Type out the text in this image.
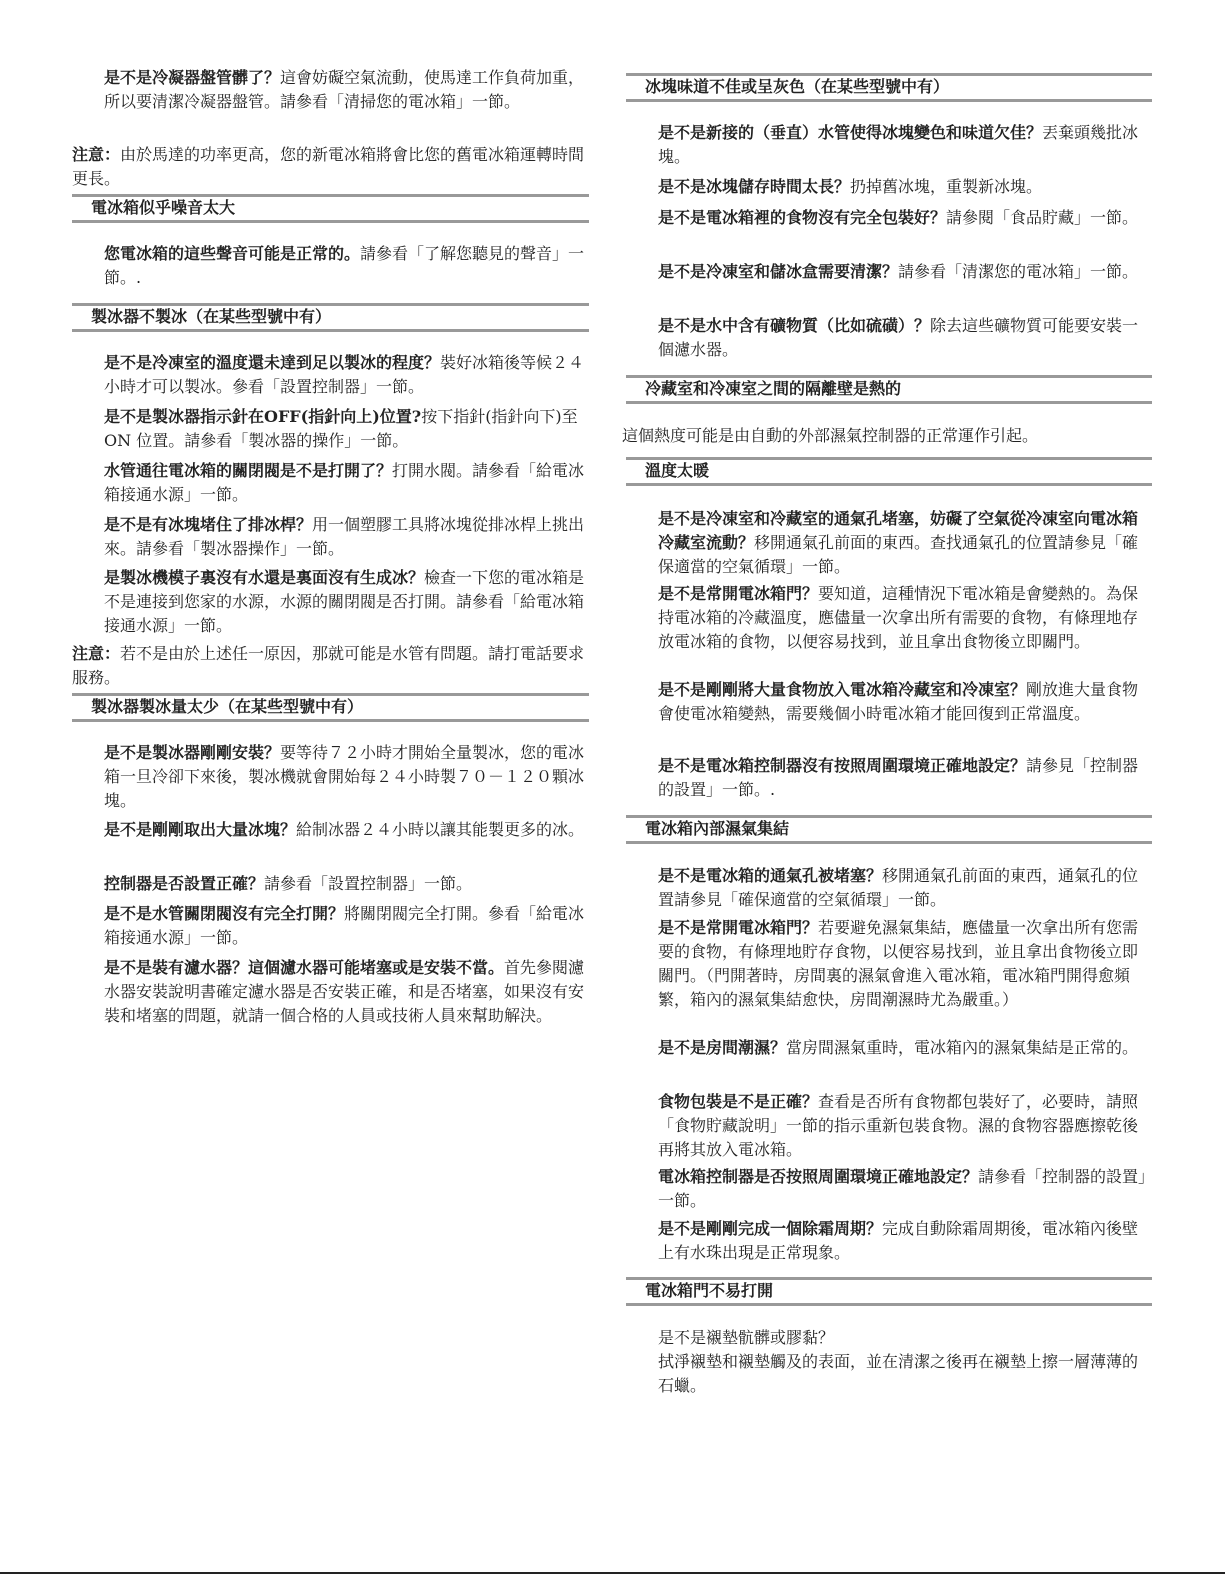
是不是冷凝器盤管髒了？這會妨礙空氣流動，使馬達工作負荷加重，所以要清潔冷凝器盤管。請參看「清掃您的電冰箱」一節。
注意：由於馬達的功率更高，您的新電冰箱將會比您的舊電冰箱運轉時間更長。
電冰箱似乎噪音太大
您電冰箱的這些聲音可能是正常的。請參看「了解您聽見的聲音」一節。.
製冰器不製冰（在某些型號中有）
是不是冷凍室的溫度還未達到足以製冰的程度？裝好冰箱後等候２４小時才可以製冰。參看「設置控制器」一節。
是不是製冰器指示針在OFF(指針向上)位置?按下指針(指針向下)至 ON 位置。請參看「製冰器的操作」一節。
水管通往電冰箱的關閉閥是不是打開了？打開水閥。請參看「給電冰箱接通水源」一節。
是不是有冰塊堵住了排冰桿？用一個塑膠工具將冰塊從排冰桿上挑出來。請參看「製冰器操作」一節。
是製冰機模子裏沒有水還是裏面沒有生成冰？檢查一下您的電冰箱是不是連接到您家的水源，水源的關閉閥是否打開。請參看「給電冰箱接通水源」一節。
注意：若不是由於上述任一原因，那就可能是水管有問題。請打電話要求服務。
製冰器製冰量太少（在某些型號中有）
是不是製冰器剛剛安裝？要等待７２小時才開始全量製冰，您的電冰箱一旦冷卻下來後，製冰機就會開始每２４小時製７０－１２０顆冰塊。
是不是剛剛取出大量冰塊？給制冰器２４小時以讓其能製更多的冰。
控制器是否設置正確？請參看「設置控制器」一節。
是不是水管關閉閥沒有完全打開？將關閉閥完全打開。參看「給電冰箱接通水源」一節。
是不是裝有濾水器？這個濾水器可能堵塞或是安裝不當。首先參閱濾水器安裝說明書確定濾水器是否安裝正確，和是否堵塞，如果沒有安裝和堵塞的問題，就請一個合格的人員或技術人員來幫助解決。
冰塊味道不佳或呈灰色（在某些型號中有）
是不是新接的（垂直）水管使得冰塊變色和味道欠佳？丟棄頭幾批冰塊。
是不是冰塊儲存時間太長？扔掉舊冰塊，重製新冰塊。
是不是電冰箱裡的食物沒有完全包裝好？請參閱「食品貯藏」一節。
是不是冷凍室和儲冰盒需要清潔？請參看「清潔您的電冰箱」一節。
是不是水中含有礦物質（比如硫磺）？除去這些礦物質可能要安裝一個濾水器。
冷藏室和冷凍室之間的隔離壁是熱的
這個熱度可能是由自動的外部濕氣控制器的正常運作引起。
溫度太暖
是不是冷凍室和冷藏室的通氣孔堵塞，妨礙了空氣從冷凍室向電冰箱冷藏室流動？移開通氣孔前面的東西。查找通氣孔的位置請參見「確保適當的空氣循環」一節。
是不是常開電冰箱門？要知道，這種情況下電冰箱是會變熱的。為保持電冰箱的冷藏溫度，應儘量一次拿出所有需要的食物，有條理地存放電冰箱的食物，以便容易找到，並且拿出食物後立即關門。
是不是剛剛將大量食物放入電冰箱冷藏室和冷凍室？剛放進大量食物會使電冰箱變熱，需要幾個小時電冰箱才能回復到正常溫度。
是不是電冰箱控制器沒有按照周圍環境正確地設定？請參見「控制器的設置」一節。.
電冰箱內部濕氣集結
是不是電冰箱的通氣孔被堵塞？移開通氣孔前面的東西，通氣孔的位置請參見「確保適當的空氣循環」一節。
是不是常開電冰箱門？若要避免濕氣集結，應儘量一次拿出所有您需要的食物，有條理地貯存食物，以便容易找到，並且拿出食物後立即關門。（門開著時，房間裏的濕氣會進入電冰箱，電冰箱門開得愈頻繁，箱內的濕氣集結愈快，房間潮濕時尤為嚴重。）
是不是房間潮濕？當房間濕氣重時，電冰箱內的濕氣集結是正常的。
食物包裝是不是正確？查看是否所有食物都包裝好了，必要時，請照「食物貯藏說明」一節的指示重新包裝食物。濕的食物容器應擦乾後再將其放入電冰箱。
電冰箱控制器是否按照周圍環境正確地設定？請參看「控制器的設置」一節。
是不是剛剛完成一個除霜周期？完成自動除霜周期後，電冰箱內後壁上有水珠出現是正常現象。
電冰箱門不易打開
是不是襯墊骯髒或膠黏？
拭淨襯墊和襯墊觸及的表面，並在清潔之後再在襯墊上擦一層薄薄的石蠟。
